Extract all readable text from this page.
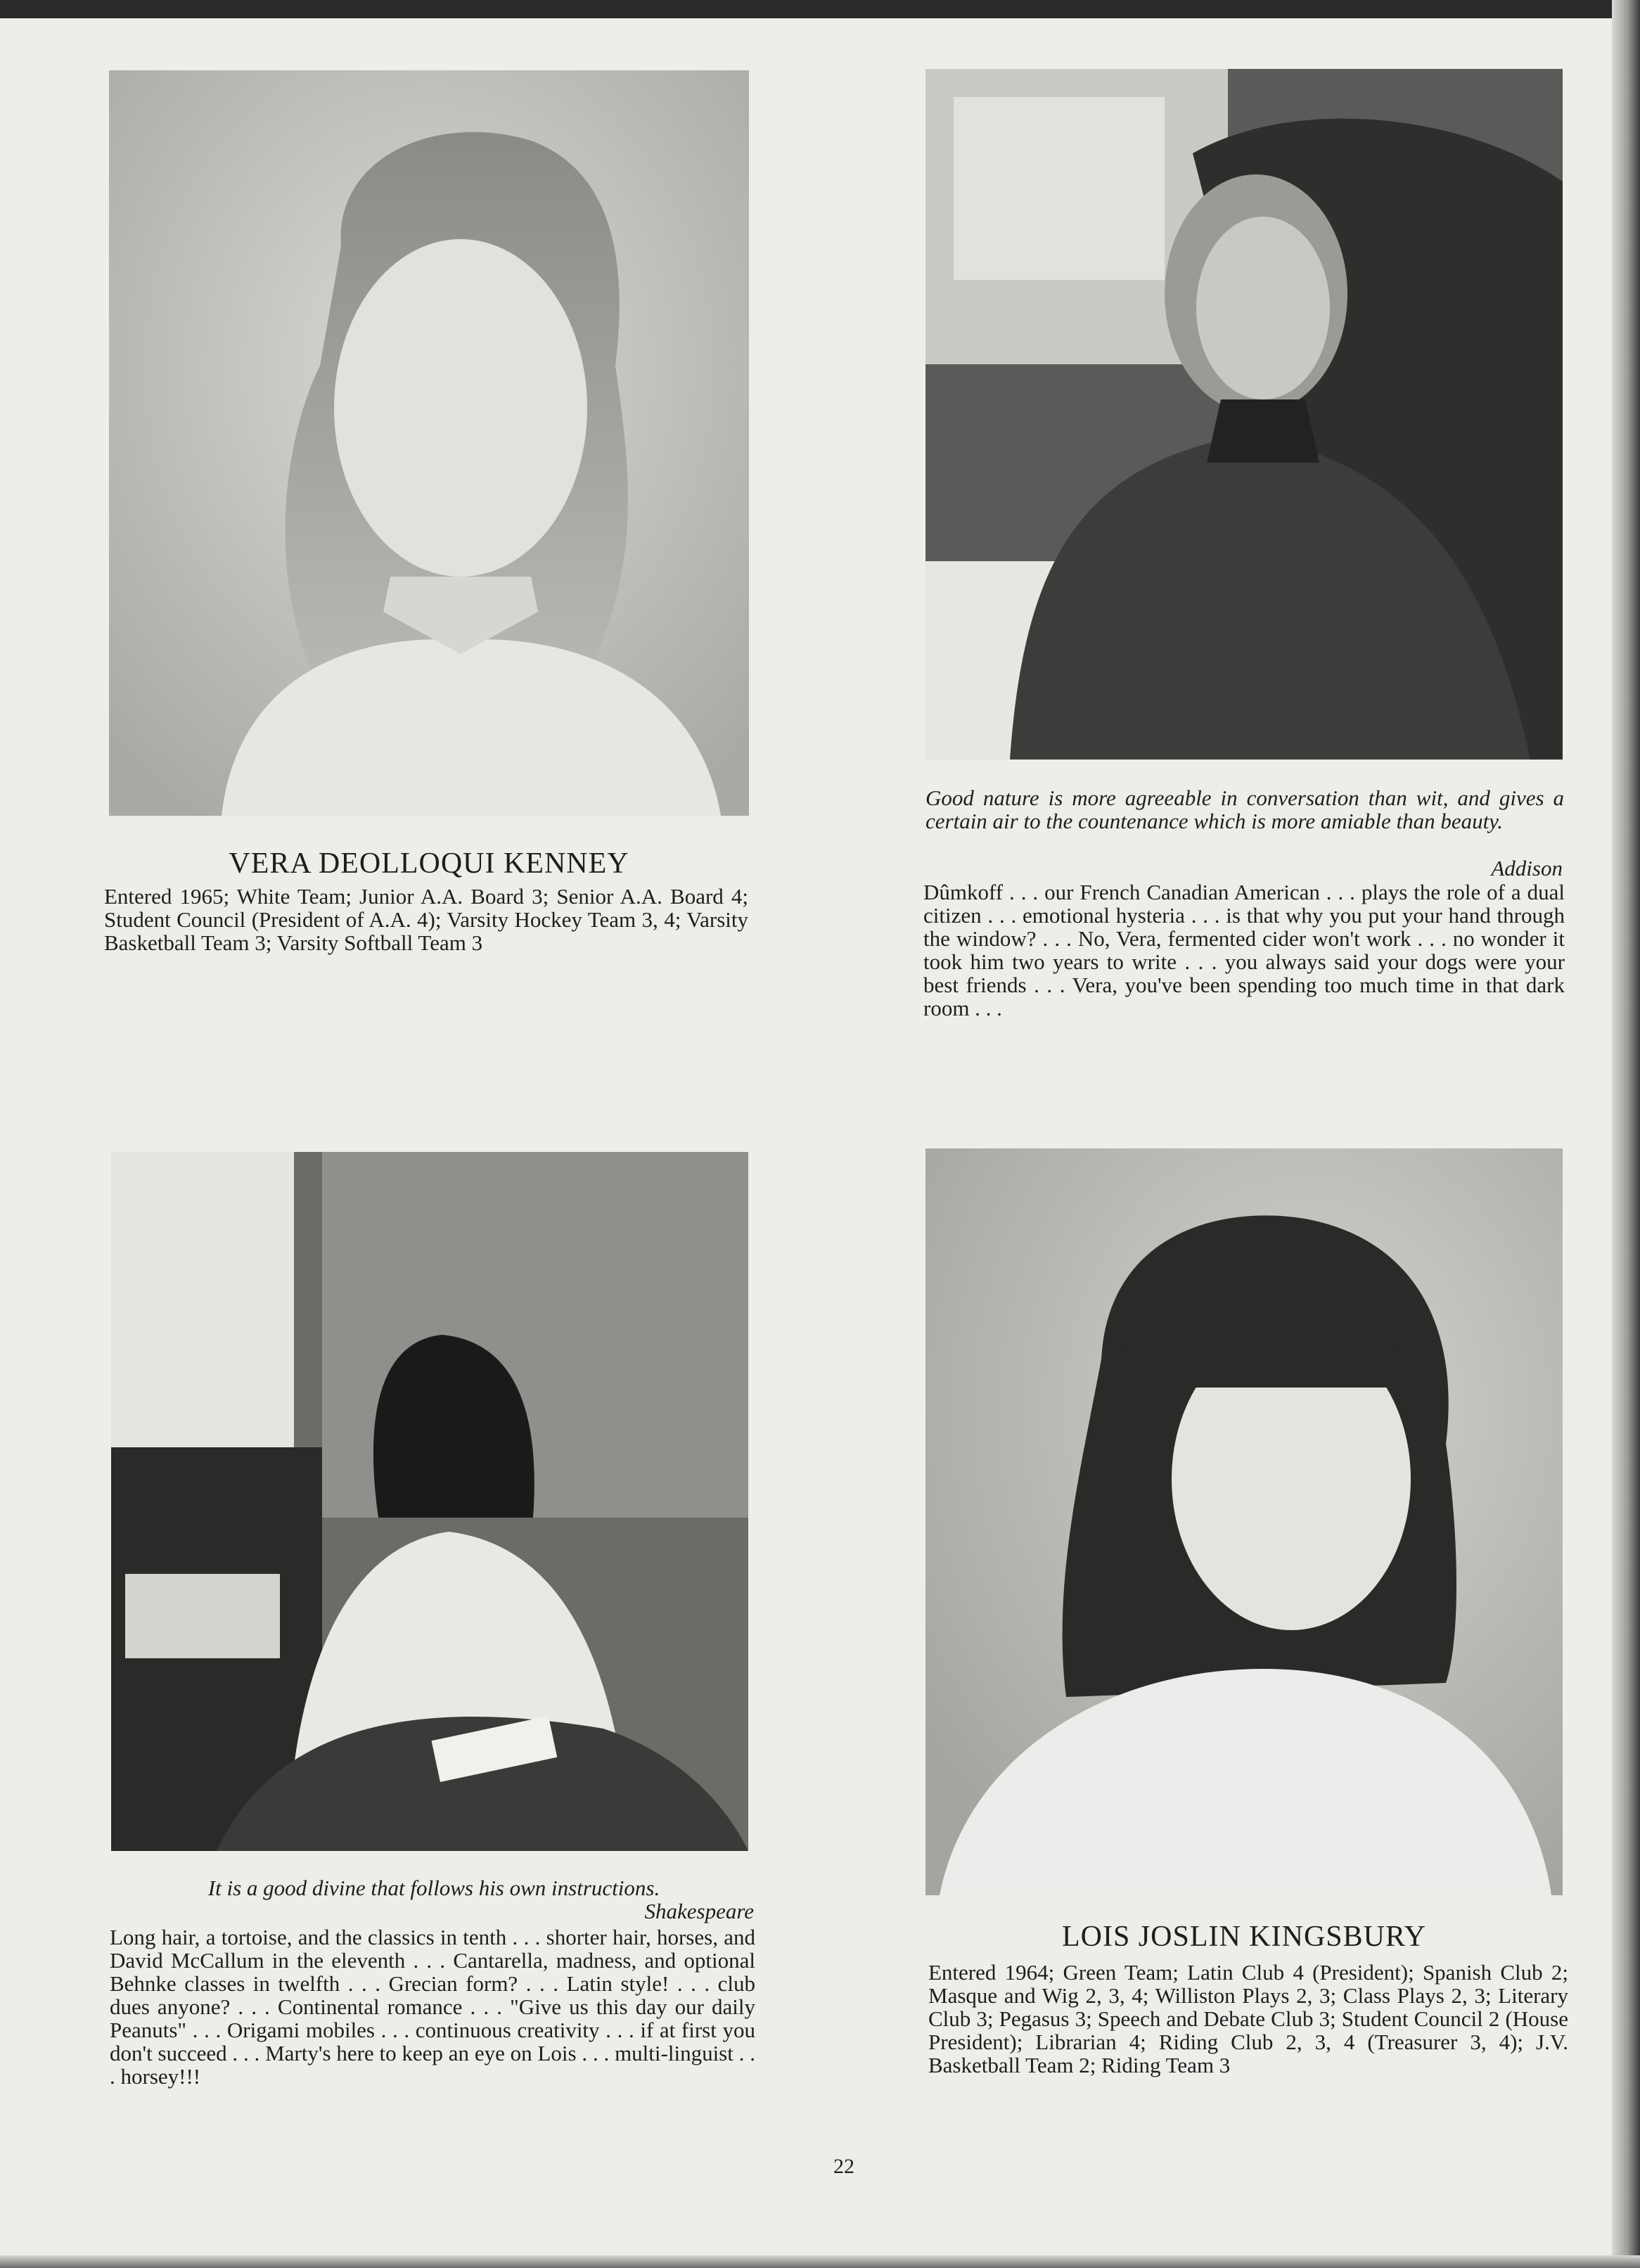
VERA DEOLLOQUI KENNEY

Entered 1965; White Team; Junior A.A. Board 3; Senior A.A. Board 4; Student Council (President of A.A. 4); Varsity Hockey Team 3, 4; Varsity Basketball Team 3; Varsity Softball Team 3

Good nature is more agreeable in conversation than wit, and gives a certain air to the countenance which is more amiable than beauty.

Addison

Dûmkoff . . . our French Canadian American . . . plays the role of a dual citizen . . . emotional hysteria . . . is that why you put your hand through the window? . . . No, Vera, fermented cider won't work . . . no wonder it took him two years to write . . . you always said your dogs were your best friends . . . Vera, you've been spending too much time in that dark room . . .

It is a good divine that follows his own instructions.

Shakespeare

Long hair, a tortoise, and the classics in tenth . . . shorter hair, horses, and David McCallum in the eleventh . . . Cantarella, madness, and optional Behnke classes in twelfth . . . Grecian form? . . . Latin style! . . . club dues anyone? . . . Continental romance . . . "Give us this day our daily Peanuts" . . . Origami mobiles . . . continuous creativity . . . if at first you don't succeed . . . Marty's here to keep an eye on Lois . . . multi-linguist . . . horsey!!!

LOIS JOSLIN KINGSBURY

Entered 1964; Green Team; Latin Club 4 (President); Spanish Club 2; Masque and Wig 2, 3, 4; Williston Plays 2, 3; Class Plays 2, 3; Literary Club 3; Pegasus 3; Speech and Debate Club 3; Student Council 2 (House President); Librarian 4; Riding Club 2, 3, 4 (Treasurer 3, 4); J.V. Basketball Team 2; Riding Team 3

22
